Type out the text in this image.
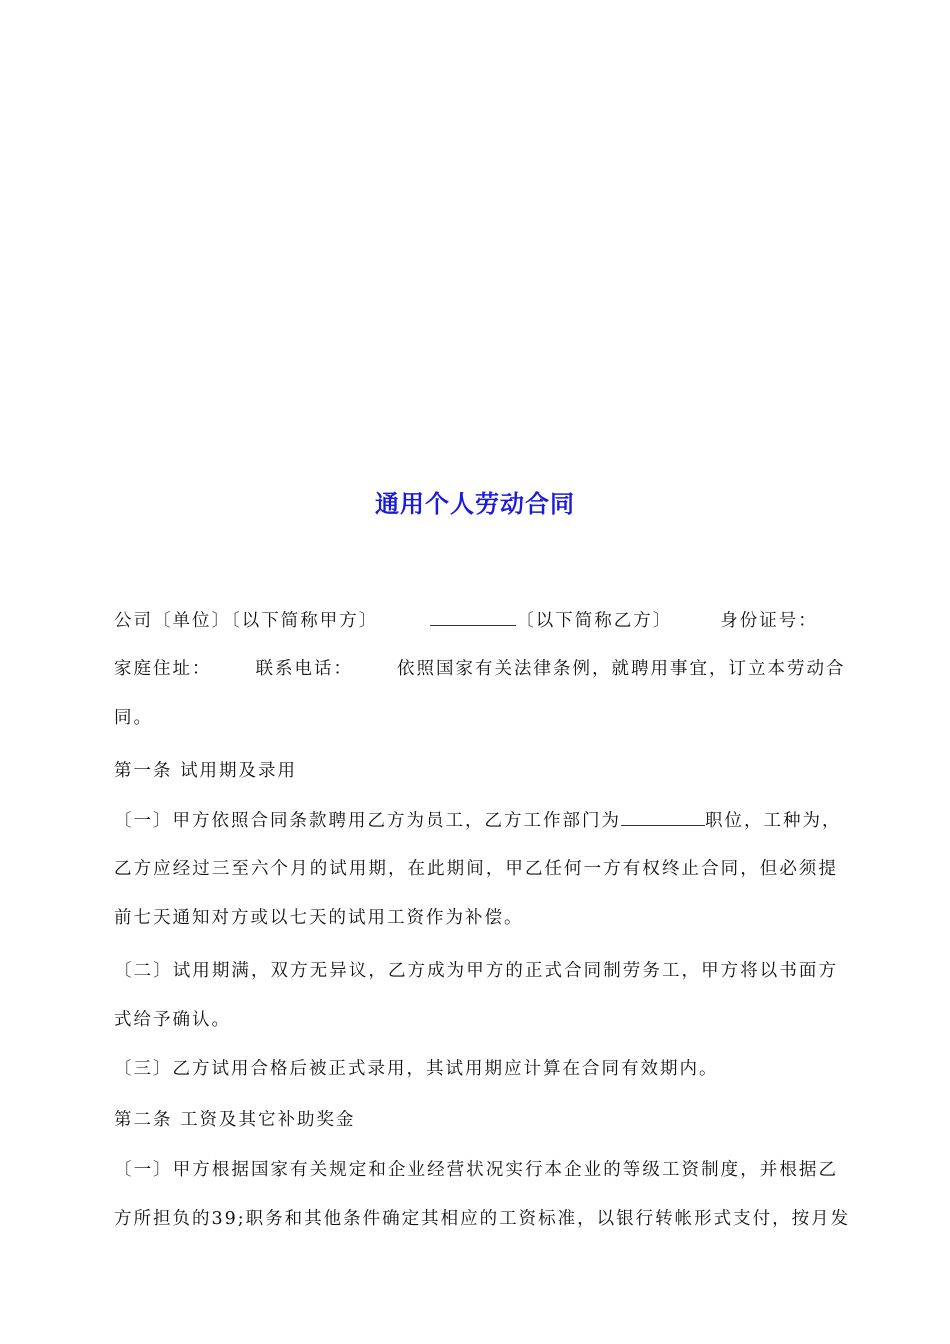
通用个人劳动合同
公司〔单位〕〔以下简称甲方〕	〔以下简称乙方〕	身份证号：
家庭住址：	联系电话：	依照国家有关法律条例，就聘用事宜，订立本劳动合
同。
第一条 试用期及录用
〔一〕甲方依照合同条款聘用乙方为员工，乙方工作部门为	职位，工种为，
乙方应经过三至六个月的试用期，在此期间，甲乙任何一方有权终止合同，但必须提
前七天通知对方或以七天的试用工资作为补偿。
〔二〕试用期满，双方无异议，乙方成为甲方的正式合同制劳务工，甲方将以书面方
式给予确认。
〔三〕乙方试用合格后被正式录用，其试用期应计算在合同有效期内。
第二条 工资及其它补助奖金
〔一〕甲方根据国家有关规定和企业经营状况实行本企业的等级工资制度，并根据乙
方所担负的39;职务和其他条件确定其相应的工资标准，以银行转帐形式支付，按月发
